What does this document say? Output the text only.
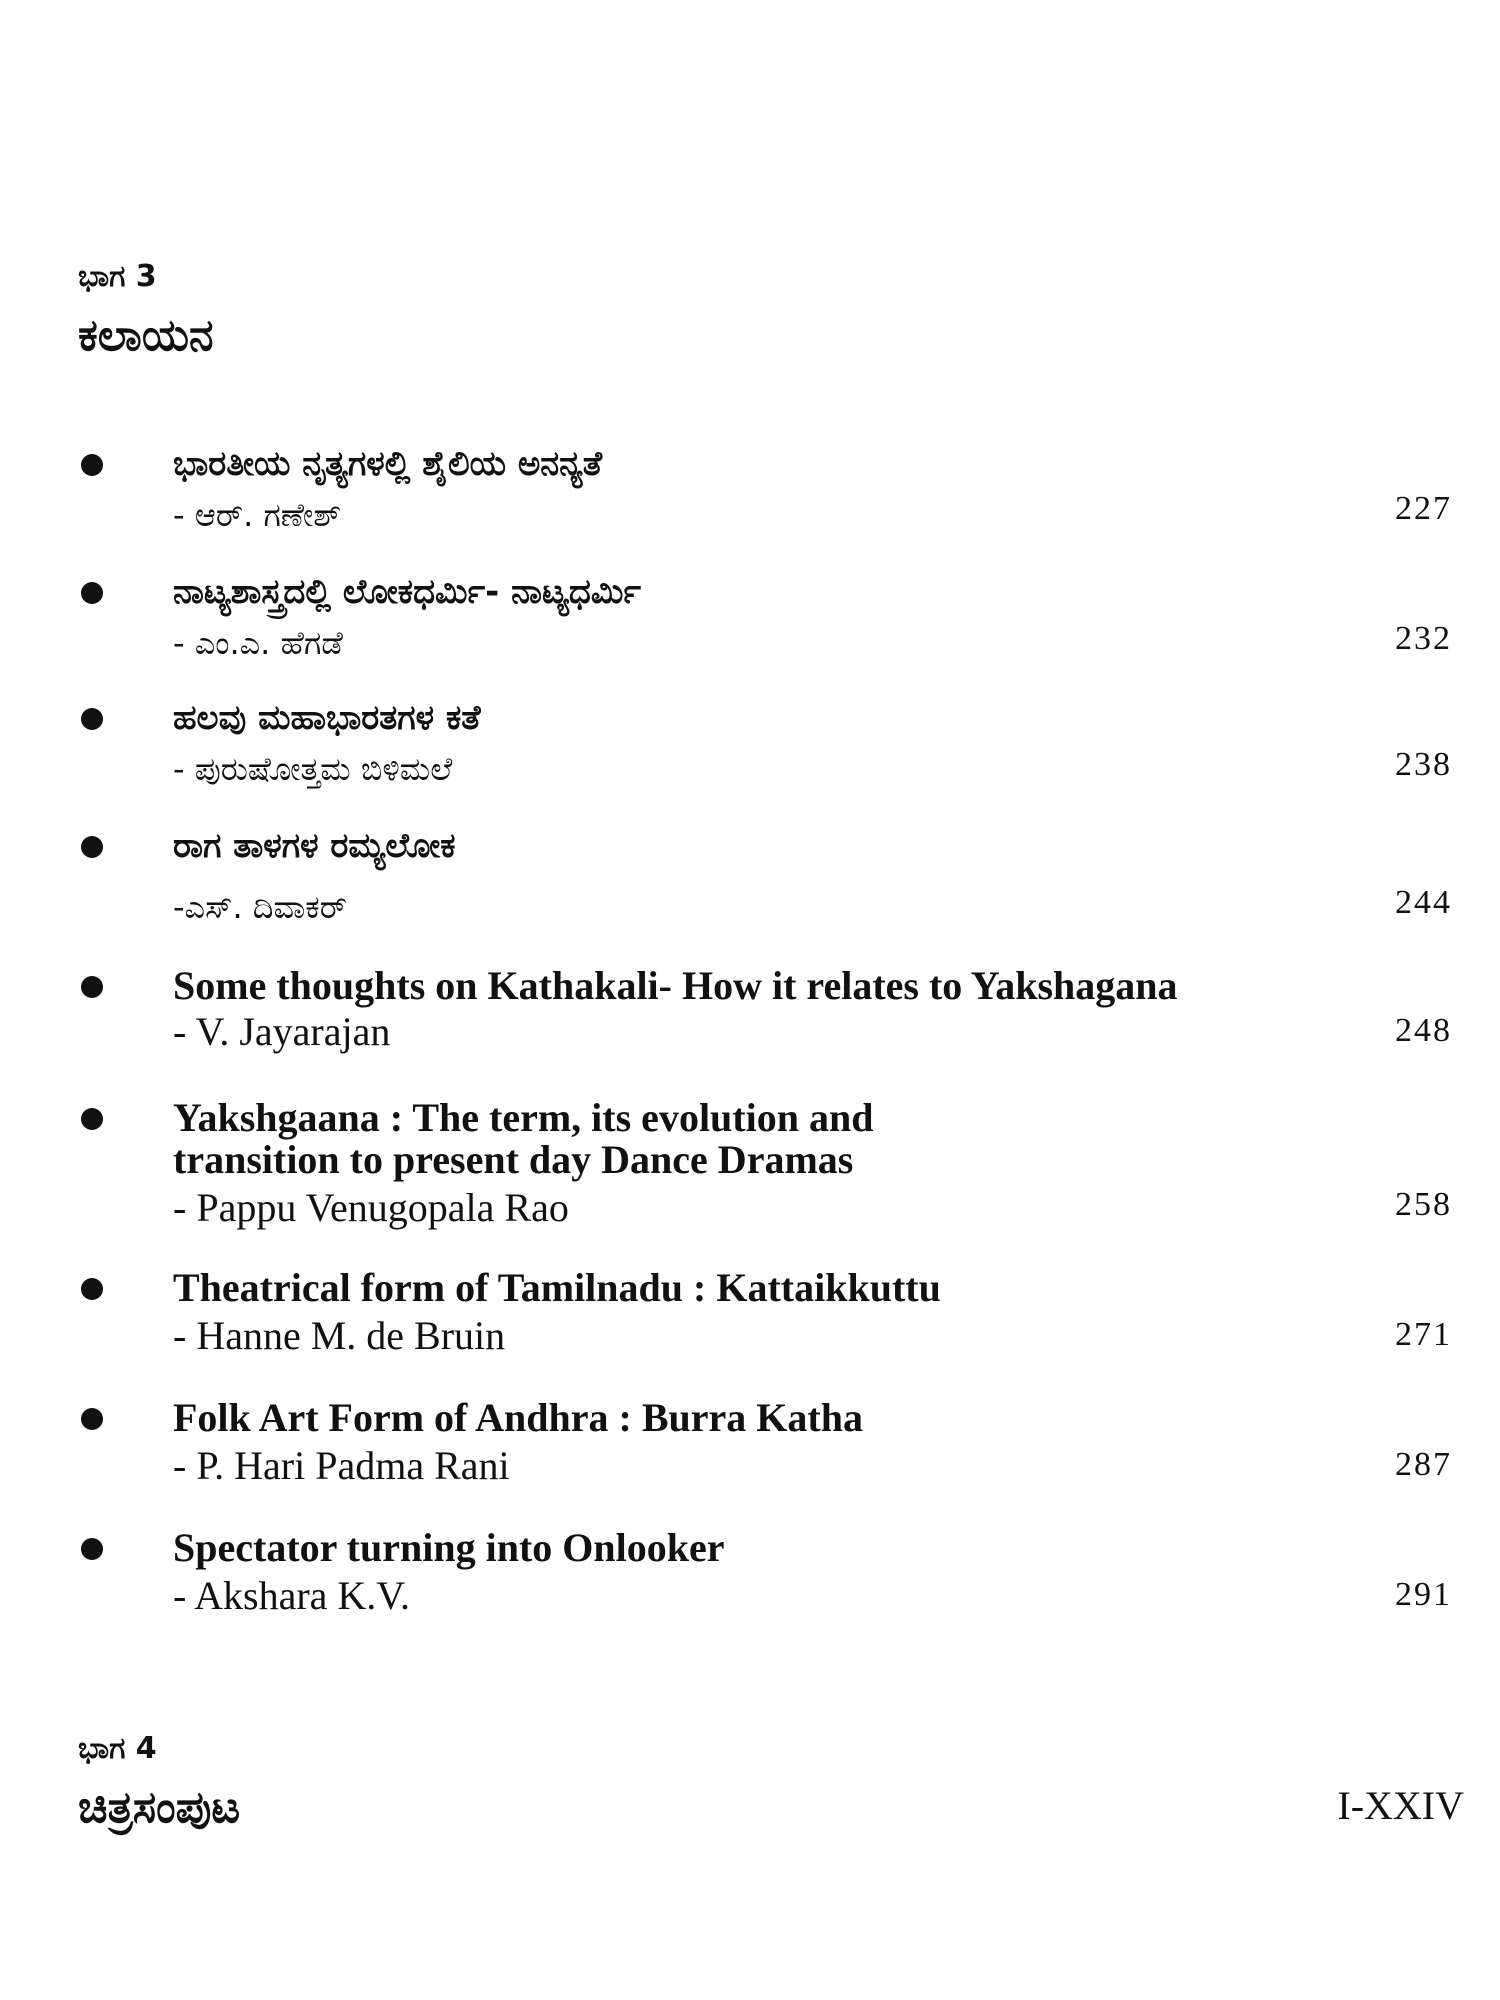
ಭಾಗ 3
ಕಲಾಯನ
ಭಾರತೀಯ ನೃತ್ಯಗಳಲ್ಲಿ ಶೈಲಿಯ ಅನನ್ಯತೆ
- ಆರ್. ಗಣೇಶ್	227
ನಾಟ್ಯಶಾಸ್ತ್ರದಲ್ಲಿ ಲೋಕಧರ್ಮಿ- ನಾಟ್ಯಧರ್ಮಿ
- ಎಂ.ಎ. ಹೆಗಡೆ	232
ಹಲವು ಮಹಾಭಾರತಗಳ ಕತೆ
- ಪುರುಷೋತ್ತಮ ಬಿಳಿಮಲೆ	238
ರಾಗ ತಾಳಗಳ ರಮ್ಯಲೋಕ
-ಎಸ್. ದಿವಾಕರ್	244
Some thoughts on Kathakali- How it relates to Yakshagana
- V. Jayarajan	248
Yakshgaana : The term, its evolution and
transition to present day Dance Dramas
- Pappu Venugopala Rao	258
Theatrical form of Tamilnadu : Kattaikkuttu
- Hanne M. de Bruin	271
Folk Art Form of Andhra : Burra Katha
- P. Hari Padma Rani	287
Spectator turning into Onlooker
- Akshara K.V.	291
ಭಾಗ 4
ಚಿತ್ರಸಂಪುಟ	I-XXIV
